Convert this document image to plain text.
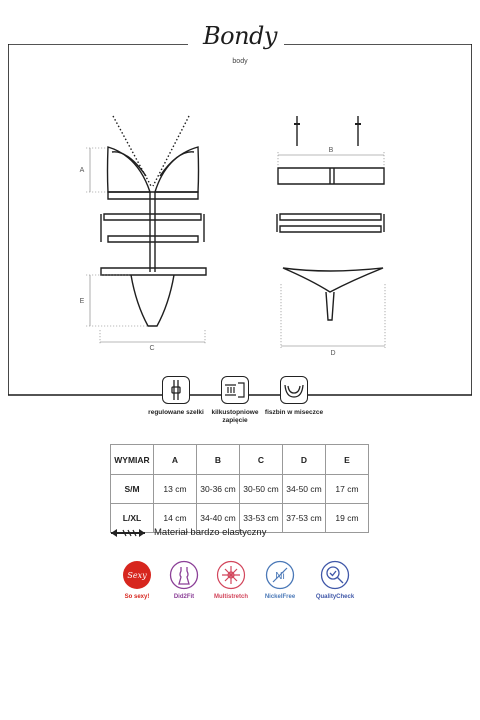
Bondy
body
A
E
C
B
D
regulowane szelki	kilkustopniowe zapięcie
fiszbin w miseczce
WYMIAR	A	B	C	D	E
S/M	13 cm	30-36 cm	30-50 cm	34-50 cm	17 cm
L/XL	14 cm	34-40 cm	33-53 cm	37-53 cm	19 cm
Materiał bardzo elastyczny
Sexy
So sexy!	Did2Fit	Multistretch
Ni
NickelFree	QualityCheck
